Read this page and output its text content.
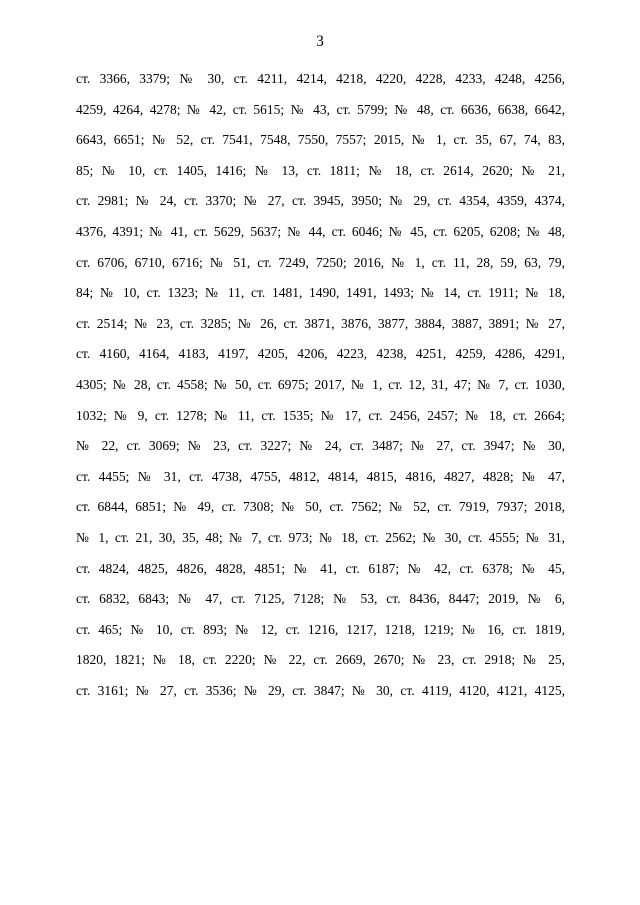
3
ст. 3366, 3379; № 30, ст. 4211, 4214, 4218, 4220, 4228, 4233, 4248, 4256,
4259, 4264, 4278; № 42, ст. 5615; № 43, ст. 5799; № 48, ст. 6636, 6638, 6642,
6643, 6651; № 52, ст. 7541, 7548, 7550, 7557; 2015, № 1, ст. 35, 67, 74, 83,
85; № 10, ст. 1405, 1416; № 13, ст. 1811; № 18, ст. 2614, 2620; № 21,
ст. 2981; № 24, ст. 3370; № 27, ст. 3945, 3950; № 29, ст. 4354, 4359, 4374,
4376, 4391; № 41, ст. 5629, 5637; № 44, ст. 6046; № 45, ст. 6205, 6208; № 48,
ст. 6706, 6710, 6716; № 51, ст. 7249, 7250; 2016, № 1, ст. 11, 28, 59, 63, 79,
84; № 10, ст. 1323; № 11, ст. 1481, 1490, 1491, 1493; № 14, ст. 1911; № 18,
ст. 2514; № 23, ст. 3285; № 26, ст. 3871, 3876, 3877, 3884, 3887, 3891; № 27,
ст. 4160, 4164, 4183, 4197, 4205, 4206, 4223, 4238, 4251, 4259, 4286, 4291,
4305; № 28, ст. 4558; № 50, ст. 6975; 2017, № 1, ст. 12, 31, 47; № 7, ст. 1030,
1032; № 9, ст. 1278; № 11, ст. 1535; № 17, ст. 2456, 2457; № 18, ст. 2664;
№ 22, ст. 3069; № 23, ст. 3227; № 24, ст. 3487; № 27, ст. 3947; № 30,
ст. 4455; № 31, ст. 4738, 4755, 4812, 4814, 4815, 4816, 4827, 4828; № 47,
ст. 6844, 6851; № 49, ст. 7308; № 50, ст. 7562; № 52, ст. 7919, 7937; 2018,
№ 1, ст. 21, 30, 35, 48; № 7, ст. 973; № 18, ст. 2562; № 30, ст. 4555; № 31,
ст. 4824, 4825, 4826, 4828, 4851; № 41, ст. 6187; № 42, ст. 6378; № 45,
ст. 6832, 6843; № 47, ст. 7125, 7128; № 53, ст. 8436, 8447; 2019, № 6,
ст. 465; № 10, ст. 893; № 12, ст. 1216, 1217, 1218, 1219; № 16, ст. 1819,
1820, 1821; № 18, ст. 2220; № 22, ст. 2669, 2670; № 23, ст. 2918; № 25,
ст. 3161; № 27, ст. 3536; № 29, ст. 3847; № 30, ст. 4119, 4120, 4121, 4125,
